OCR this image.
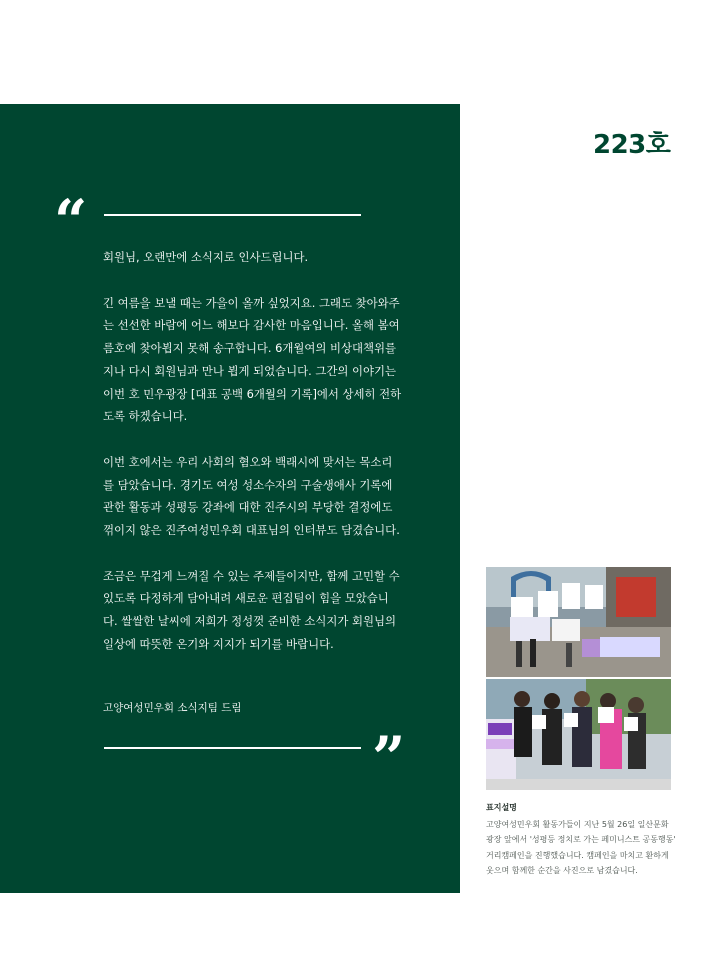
223호
“

회원님, 오랜만에 소식지로 인사드립니다.

긴 여름을 보낼 때는 가을이 올까 싶었지요. 그래도 찾아와주는 선선한 바람에 어느 해보다 감사한 마음입니다. 올해 봄여름호에 찾아뵙지 못해 송구합니다. 6개월여의 비상대책위를 지나 다시 회원님과 만나 뵙게 되었습니다. 그간의 이야기는 이번 호 민우광장 [대표 공백 6개월의 기록]에서 상세히 전하도록 하겠습니다.

이번 호에서는 우리 사회의 혐오와 백래시에 맞서는 목소리를 담았습니다. 경기도 여성 성소수자의 구술생애사 기록에 관한 활동과 성평등 강좌에 대한 진주시의 부당한 결정에도 꺾이지 않은 진주여성민우회 대표님의 인터뷰도 담겼습니다.

조금은 무겁게 느껴질 수 있는 주제들이지만, 함께 고민할 수 있도록 다정하게 담아내려 새로운 편집팀이 힘을 모았습니다. 쌀쌀한 날씨에 저희가 정성껏 준비한 소식지가 회원님의 일상에 따뜻한 온기와 지지가 되기를 바랍니다.

고양여성민우회 소식지팀 드림
”
표지설명
고양여성민우회 활동가들이 지난 5월 26일 일산문화광장 앞에서 '성평등 정치로 가는 페미니스트 공동행동' 거리캠페인을 진행했습니다. 캠페인을 마치고 환하게 웃으며 함께한 순간을 사진으로 남겼습니다.
